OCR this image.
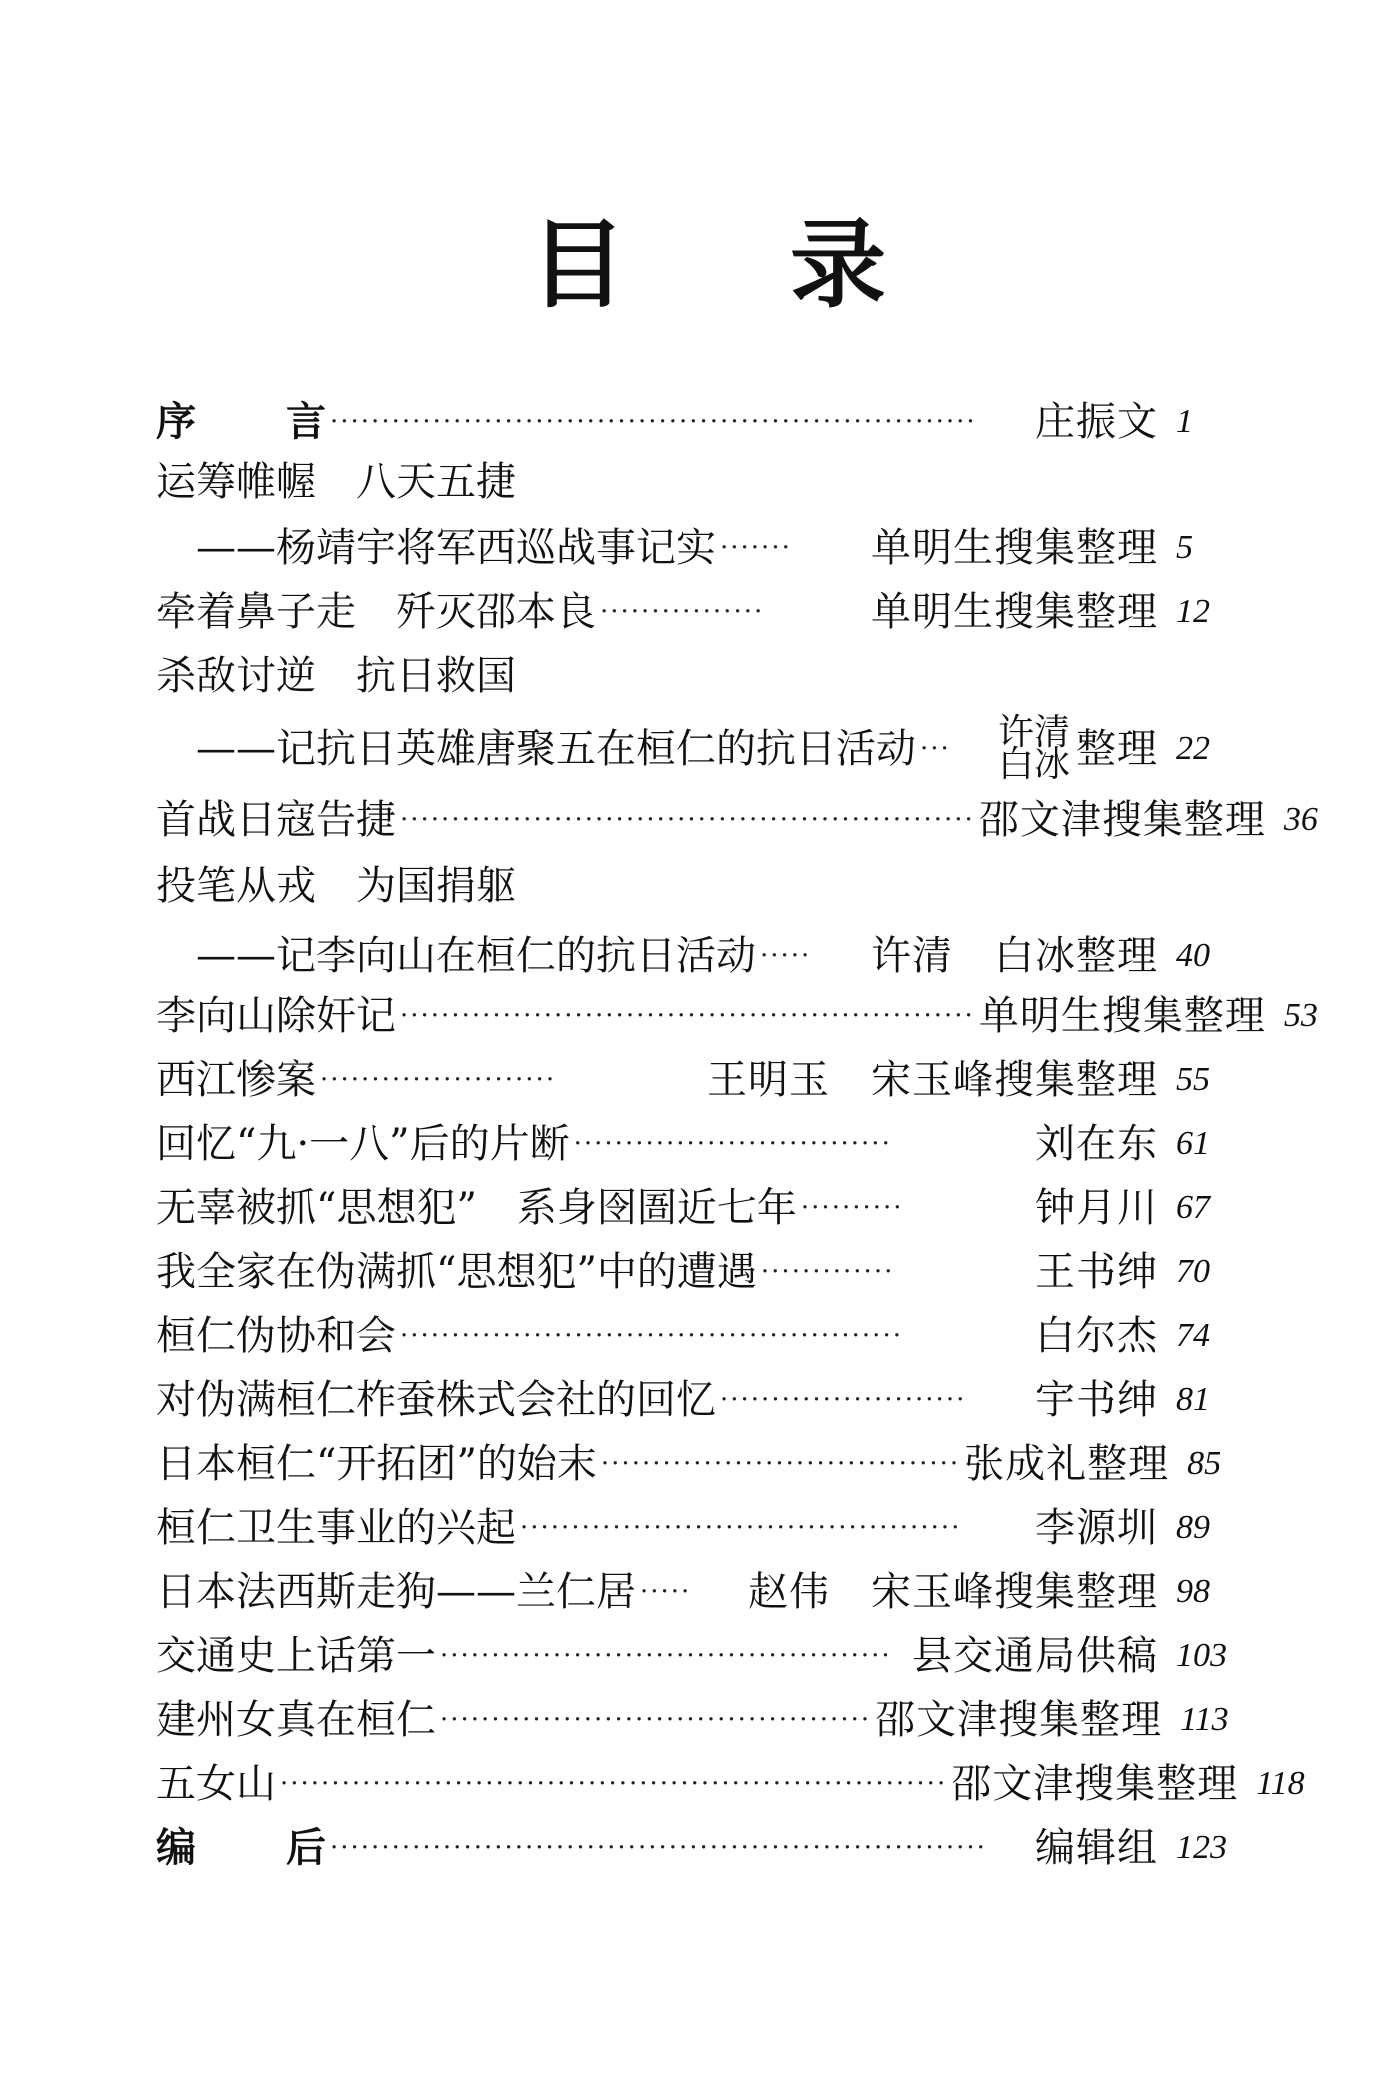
目 录
序 言 ·······························································	庄振文 1
运筹帷幄　八天五捷
——杨靖宇将军西巡战事记实 ·······	单明生搜集整理 5
牵着鼻子走　歼灭邵本良 ················	单明生搜集整理 12
杀敌讨逆　抗日救国
——记抗日英雄唐聚五在桓仁的抗日活动 ···	许清
白冰 整理 22
首战日寇告捷 ························································ 邵文津搜集整理 36
投笔从戎　为国捐躯
——记李向山在桓仁的抗日活动 ·····	许清　白冰整理 40
李向山除奸记 ························································ 单明生搜集整理 53
西江惨案 ·······················	王明玉　宋玉峰搜集整理 55
回忆“九·一八”后的片断 ·······························	刘在东 61
无辜被抓“思想犯”　系身囹圄近七年 ··········	钟月川 67
我全家在伪满抓“思想犯”中的遭遇 ·············	王书绅 70
桓仁伪协和会 ·················································	白尔杰 74
对伪满桓仁柞蚕株式会社的回忆 ························	宇书绅 81
日本桓仁“开拓团”的始末 ··································· 张成礼整理 85
桓仁卫生事业的兴起 ···········································	李源圳 89
日本法西斯走狗——兰仁居 ·····	赵伟　宋玉峰搜集整理 98
交通史上话第一 ············································ 县交通局供稿 103
建州女真在桓仁 ·········································· 邵文津搜集整理 113
五女山 ································································· 邵文津搜集整理 118
编 后 ································································	编辑组 123
